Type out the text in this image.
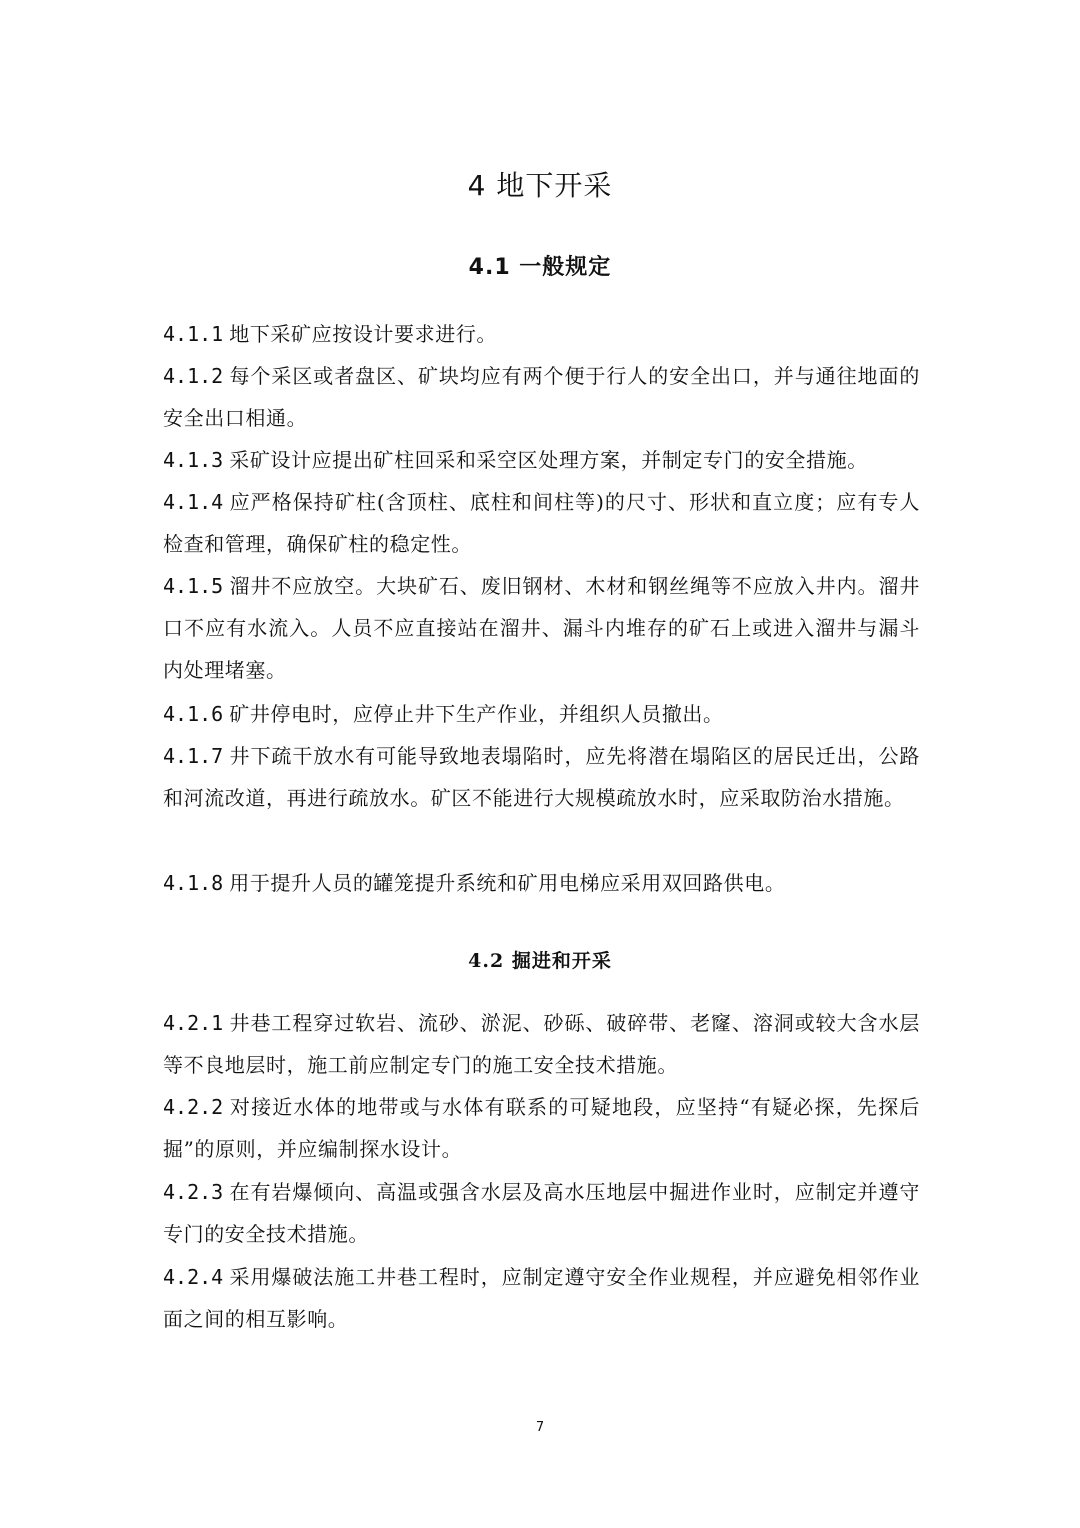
4 地下开采
4.1 一般规定

4.1.1 地下采矿应按设计要求进行。

4.1.2 每个采区或者盘区、矿块均应有两个便于行人的安全出口，并与通往地面的安全出口相通。

4.1.3 采矿设计应提出矿柱回采和采空区处理方案，并制定专门的安全措施。

4.1.4 应严格保持矿柱(含顶柱、底柱和间柱等)的尺寸、形状和直立度；应有专人检查和管理，确保矿柱的稳定性。

4.1.5 溜井不应放空。大块矿石、废旧钢材、木材和钢丝绳等不应放入井内。溜井口不应有水流入。人员不应直接站在溜井、漏斗内堆存的矿石上或进入溜井与漏斗内处理堵塞。

4.1.6 矿井停电时，应停止井下生产作业，并组织人员撤出。

4.1.7 井下疏干放水有可能导致地表塌陷时，应先将潜在塌陷区的居民迁出，公路和河流改道，再进行疏放水。矿区不能进行大规模疏放水时，应采取防治水措施。

4.1.8 用于提升人员的罐笼提升系统和矿用电梯应采用双回路供电。

4.2 掘进和开采

4.2.1 井巷工程穿过软岩、流砂、淤泥、砂砾、破碎带、老窿、溶洞或较大含水层等不良地层时，施工前应制定专门的施工安全技术措施。

4.2.2 对接近水体的地带或与水体有联系的可疑地段，应坚持“有疑必探，先探后掘”的原则，并应编制探水设计。

4.2.3 在有岩爆倾向、高温或强含水层及高水压地层中掘进作业时，应制定并遵守专门的安全技术措施。

4.2.4 采用爆破法施工井巷工程时，应制定遵守安全作业规程，并应避免相邻作业面之间的相互影响。

7
